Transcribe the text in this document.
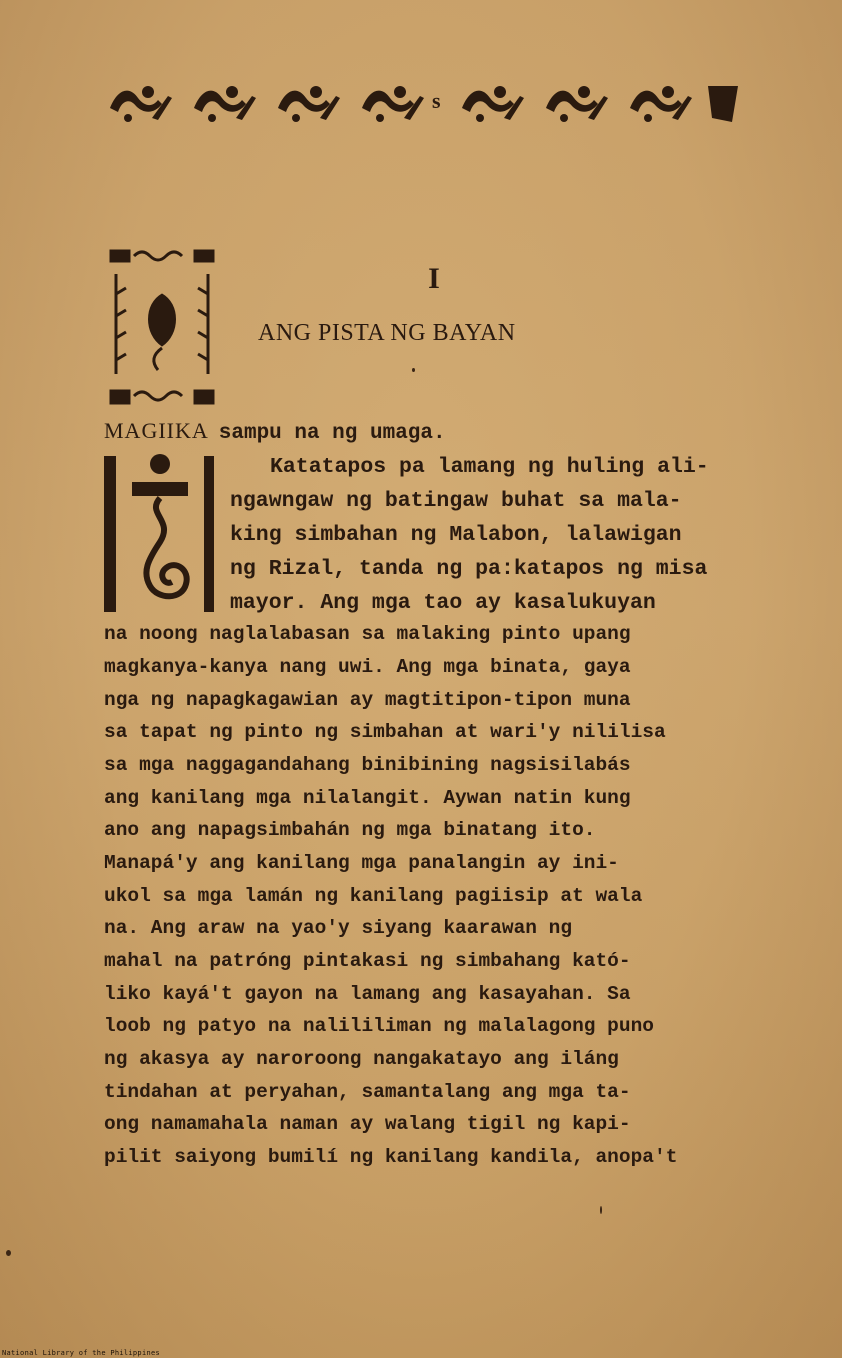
s
I
ANG PISTA NG BAYAN
MAGIIKA sampu na ng umaga.
Katatapos pa lamang ng huling ali-
ngawngaw ng batingaw buhat sa mala-
king simbahan ng Malabon, lalawigan
ng Rizal, tanda ng pa:katapos ng misa
mayor. Ang mga tao ay kasalukuyan
na noong naglalabasan sa malaking pinto upang
magkanya-kanya nang uwi. Ang mga binata, gaya
nga ng napagkagawian ay magtitipon-tipon muna
sa tapat ng pinto ng simbahan at wari'y nililisa
sa mga naggagandahang binibining nagsisilabás
ang kanilang mga nilalangit. Aywan natin kung
ano ang napagsimbahán ng mga binatang ito.
Manapá'y ang kanilang mga panalangin ay ini-
ukol sa mga lamán ng kanilang pagiisip at wala
na. Ang araw na yao'y siyang kaarawan ng
mahal na patróng pintakasi ng simbahang kató-
liko kayá't gayon na lamang ang kasayahan. Sa
loob ng patyo na nalililiman ng malalagong puno
ng akasya ay naroroong nangakatayo ang iláng
tindahan at peryahan, samantalang ang mga ta-
ong namamahala naman ay walang tigil ng kapi-
pilit saiyong bumilí ng kanilang kandila, anopa't
National Library of the Philippines
